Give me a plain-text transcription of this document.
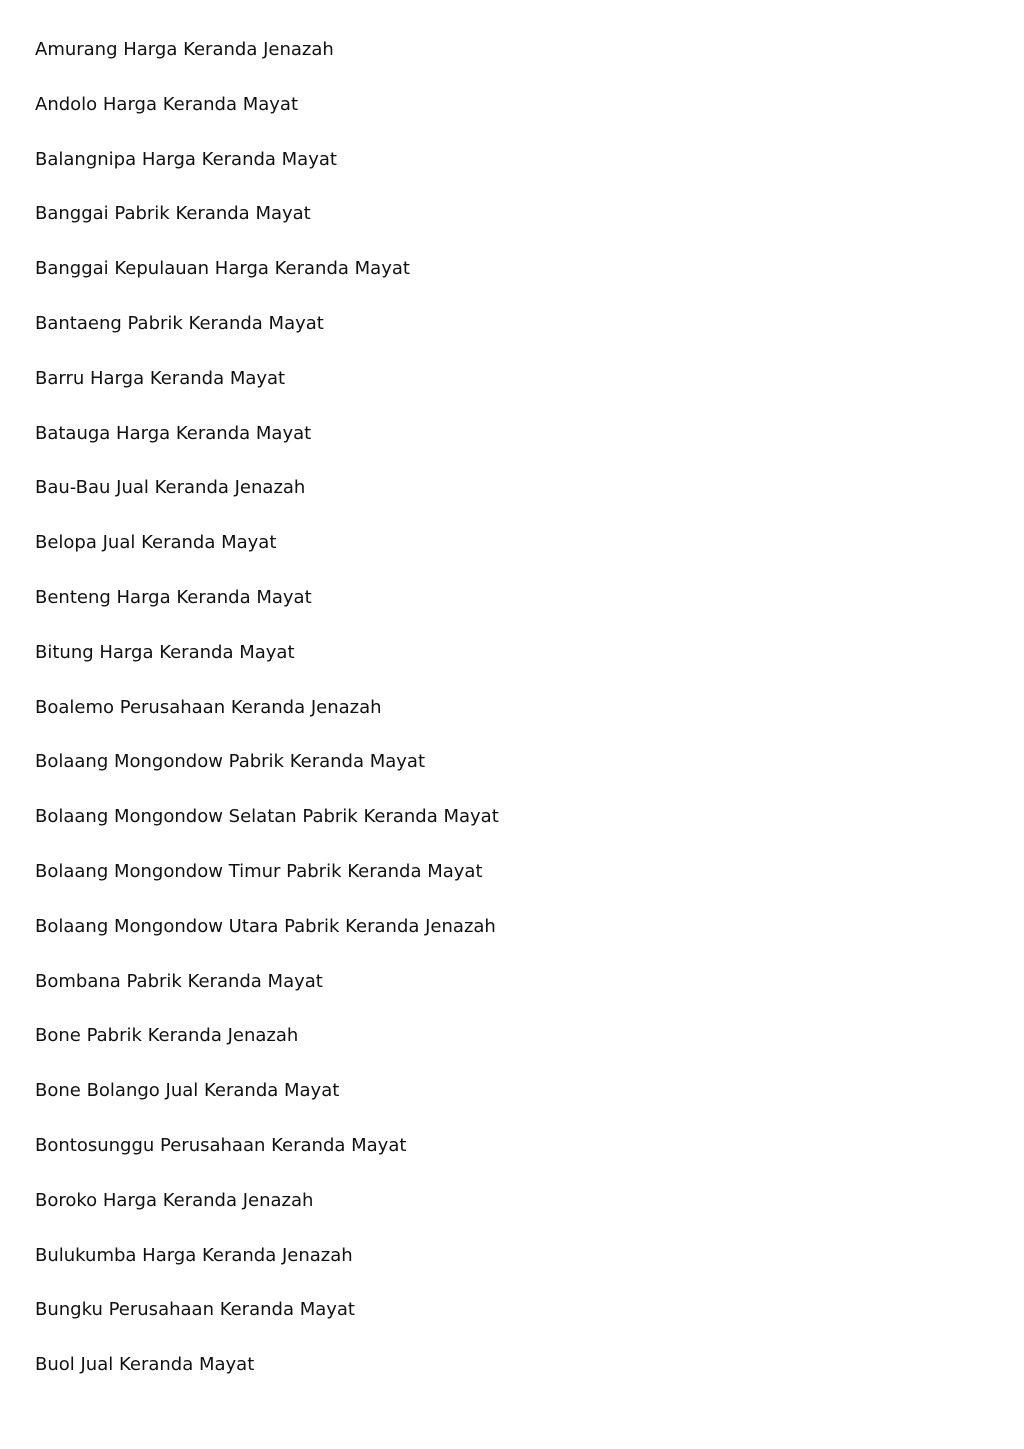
Amurang Harga Keranda Jenazah
Andolo Harga Keranda Mayat
Balangnipa Harga Keranda Mayat
Banggai Pabrik Keranda Mayat
Banggai Kepulauan Harga Keranda Mayat
Bantaeng Pabrik Keranda Mayat
Barru Harga Keranda Mayat
Batauga Harga Keranda Mayat
Bau-Bau Jual Keranda Jenazah
Belopa Jual Keranda Mayat
Benteng Harga Keranda Mayat
Bitung Harga Keranda Mayat
Boalemo Perusahaan Keranda Jenazah
Bolaang Mongondow Pabrik Keranda Mayat
Bolaang Mongondow Selatan Pabrik Keranda Mayat
Bolaang Mongondow Timur Pabrik Keranda Mayat
Bolaang Mongondow Utara Pabrik Keranda Jenazah
Bombana Pabrik Keranda Mayat
Bone Pabrik Keranda Jenazah
Bone Bolango Jual Keranda Mayat
Bontosunggu Perusahaan Keranda Mayat
Boroko Harga Keranda Jenazah
Bulukumba Harga Keranda Jenazah
Bungku Perusahaan Keranda Mayat
Buol Jual Keranda Mayat
